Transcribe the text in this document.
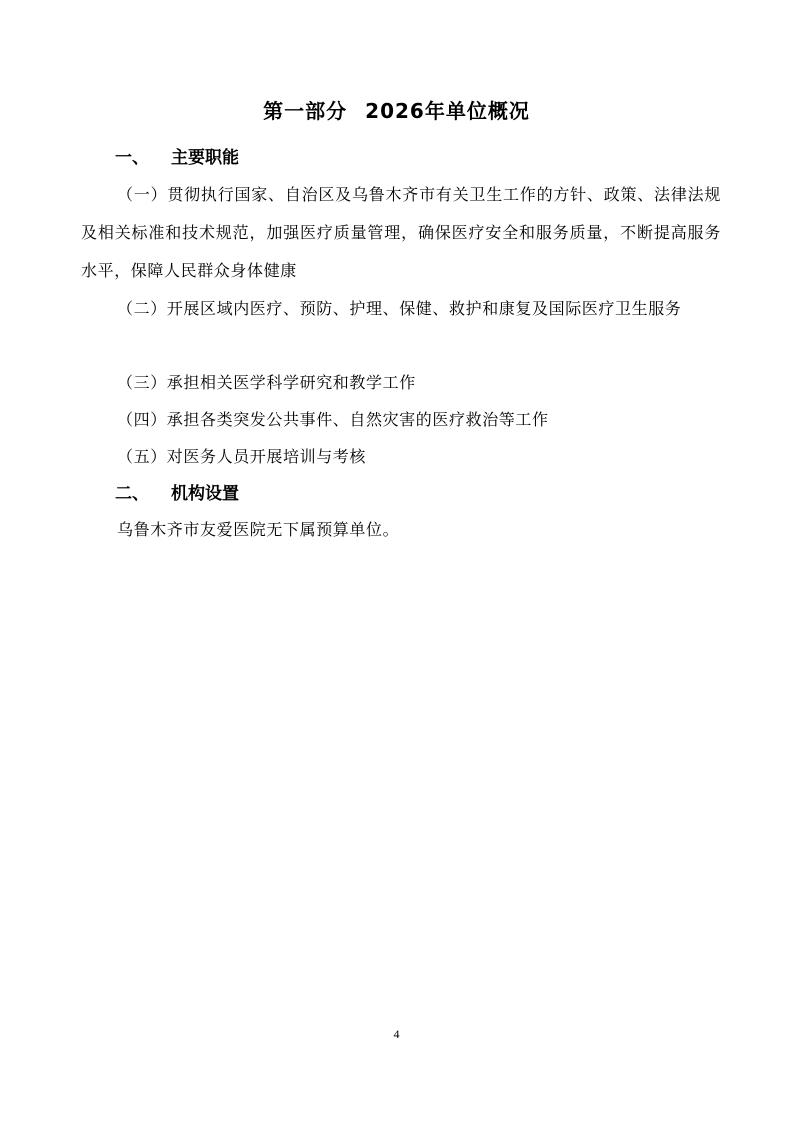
第一部分 2026年单位概况
一、 主要职能

（一）贯彻执行国家、自治区及乌鲁木齐市有关卫生工作的方针、政策、法律法规及相关标准和技术规范，加强医疗质量管理，确保医疗安全和服务质量，不断提高服务水平，保障人民群众身体健康

（二）开展区域内医疗、预防、护理、保健、救护和康复及国际医疗卫生服务

（三）承担相关医学科学研究和教学工作

（四）承担各类突发公共事件、自然灾害的医疗救治等工作

（五）对医务人员开展培训与考核

二、 机构设置

乌鲁木齐市友爱医院无下属预算单位。

4
